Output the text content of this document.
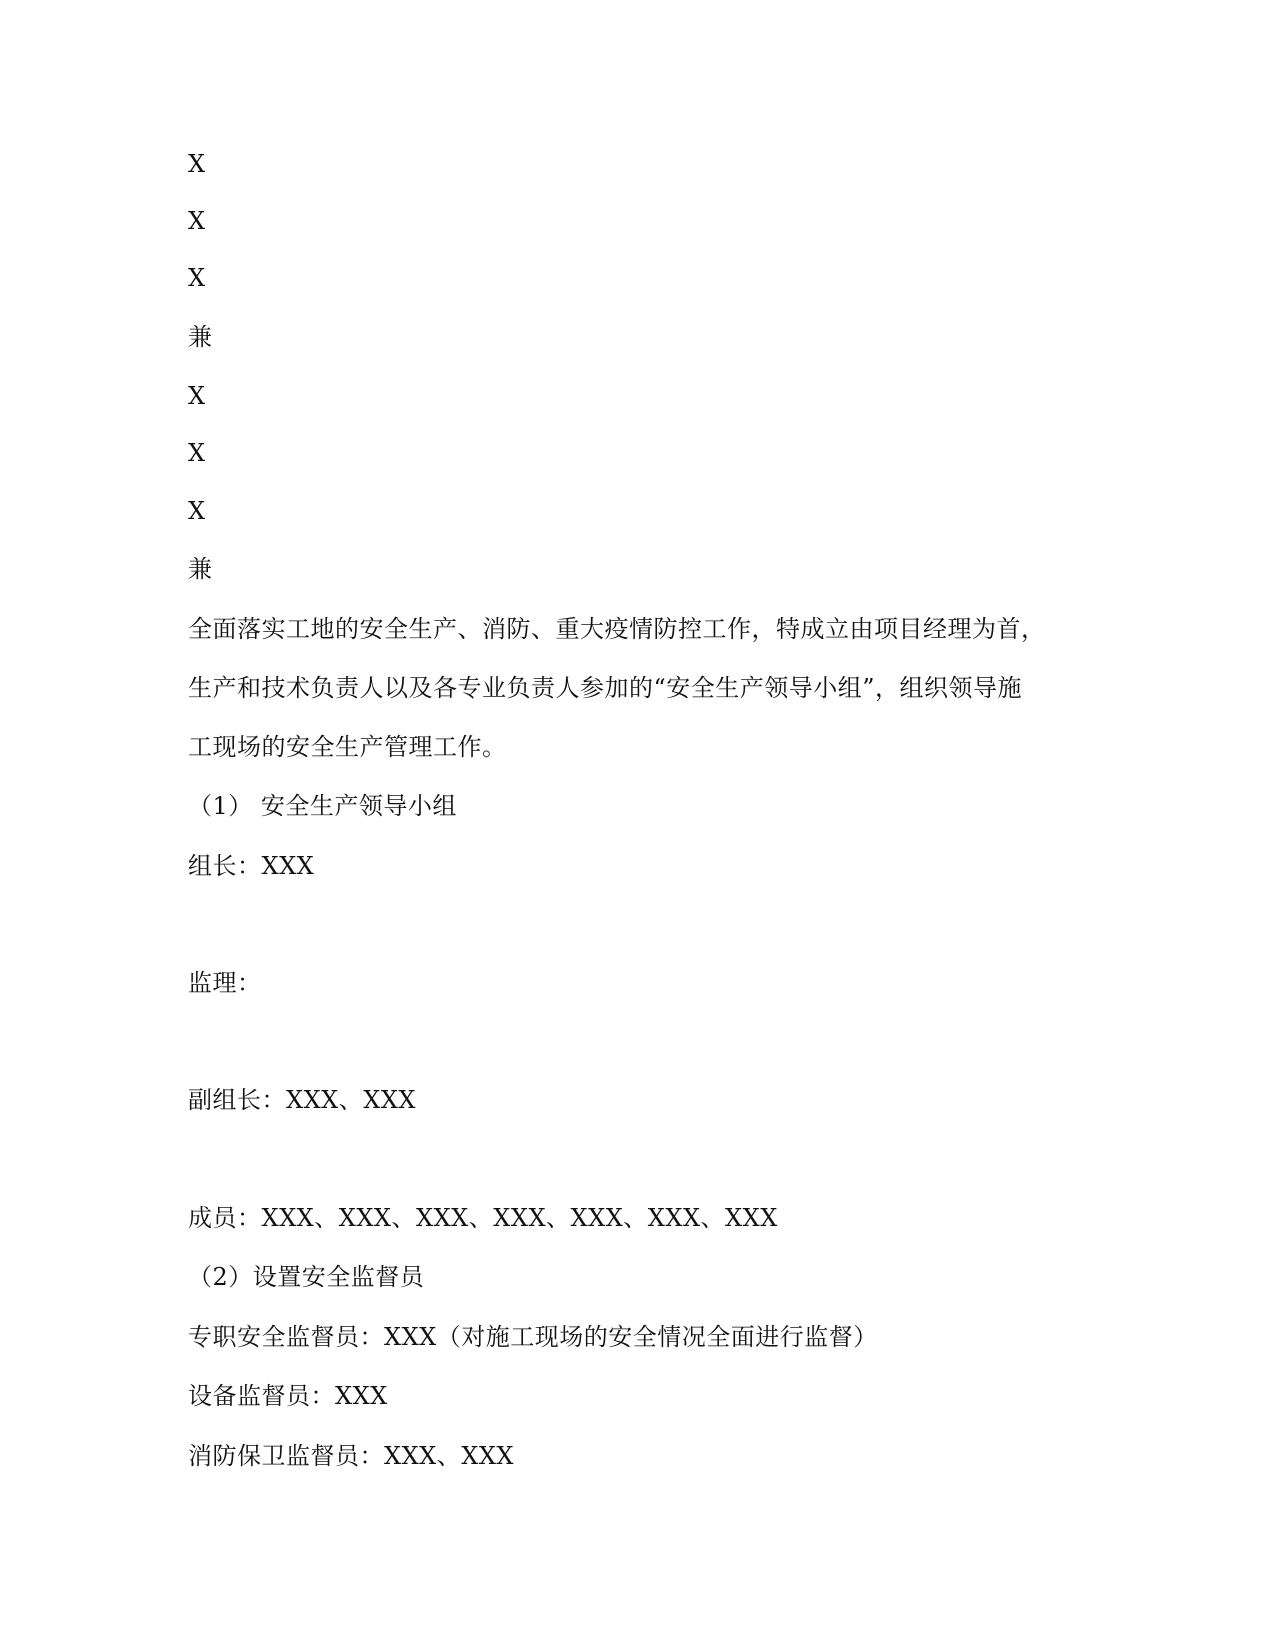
X
X
X
兼
X
X
X
兼
全面落实工地的安全生产、消防、重大疫情防控工作，特成立由项目经理为首，
生产和技术负责人以及各专业负责人参加的“安全生产领导小组”，组织领导施
工现场的安全生产管理工作。
（1） 安全生产领导小组
组长：XXX
监理：
副组长：XXX、XXX
成员：XXX、XXX、XXX、XXX、XXX、XXX、XXX
（2）设置安全监督员
专职安全监督员：XXX（对施工现场的安全情况全面进行监督）
设备监督员：XXX
消防保卫监督员：XXX、XXX
